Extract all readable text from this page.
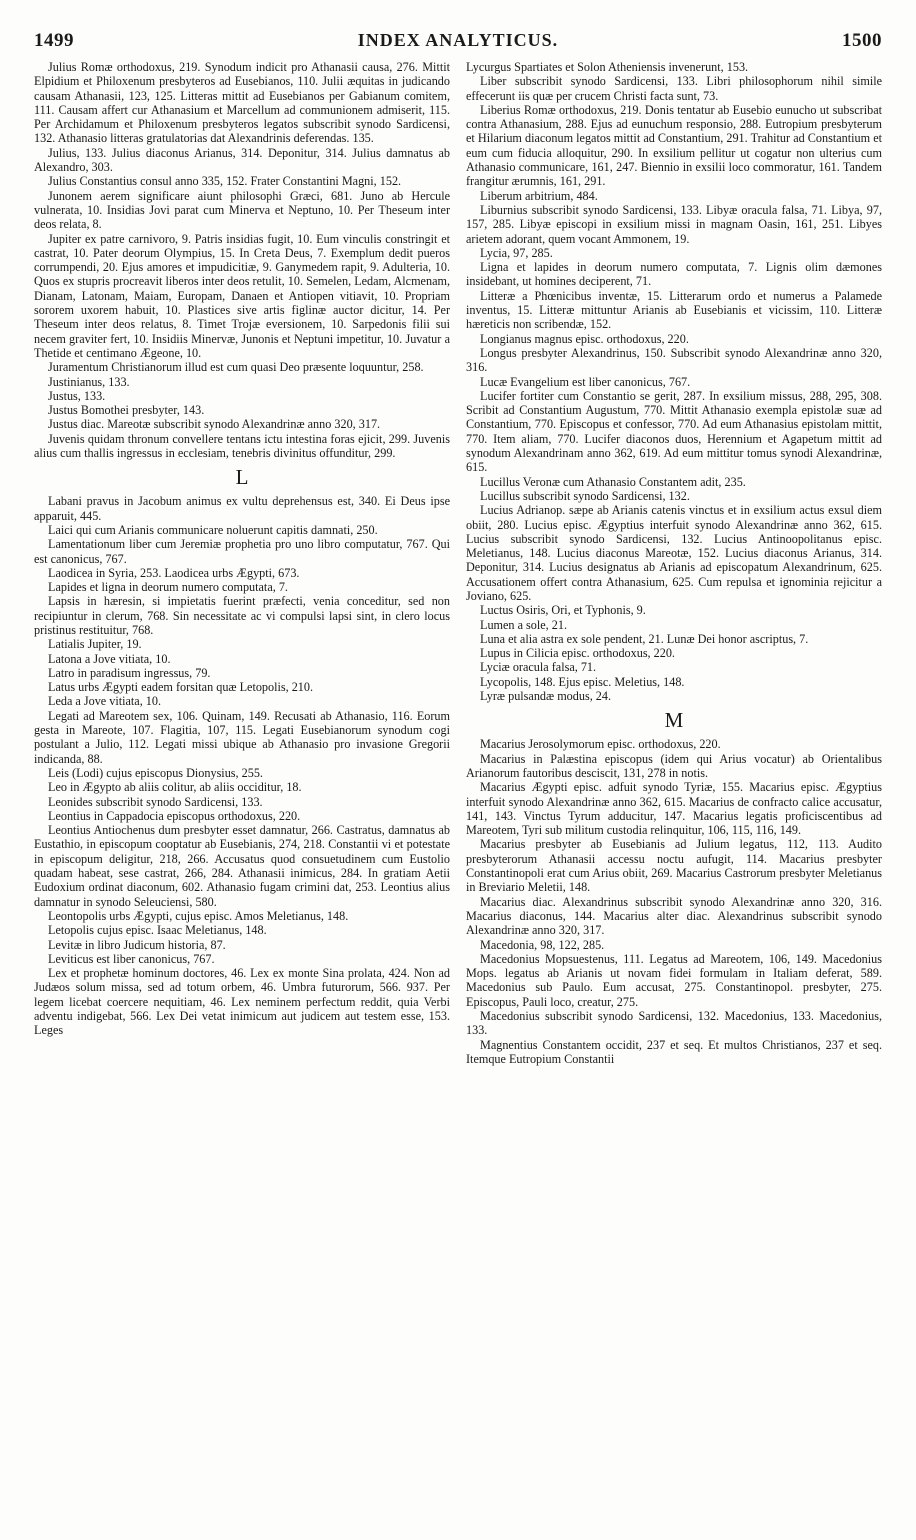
1499	INDEX ANALYTICUS.	1500

Julius Romæ orthodoxus, 219. Synodum indicit pro Athanasii causa, 276. Mittit Elpidium et Philoxenum presbyteros ad Eusebianos, 110. Julii æquitas in judicando causam Athanasii, 123, 125. Litteras mittit ad Eusebianos per Gabianum comitem, 111. Causam affert cur Athanasium et Marcellum ad communionem admiserit, 115. Per Archidamum et Philoxenum presbyteros legatos subscribit synodo Sardicensi, 132. Athanasio litteras gratulatorias dat Alexandrinis deferendas. 135.

Julius, 133. Julius diaconus Arianus, 314. Deponitur, 314. Julius damnatus ab Alexandro, 303.

Julius Constantius consul anno 335, 152. Frater Constantini Magni, 152.

Junonem aerem significare aiunt philosophi Græci, 681. Juno ab Hercule vulnerata, 10. Insidias Jovi parat cum Minerva et Neptuno, 10. Per Theseum inter deos relata, 8.

Jupiter ex patre carnivoro, 9. Patris insidias fugit, 10. Eum vinculis constringit et castrat, 10. Pater deorum Olympius, 15. In Creta Deus, 7. Exemplum dedit pueros corrumpendi, 20. Ejus amores et impudicitiæ, 9. Ganymedem rapit, 9. Adulteria, 10. Quos ex stupris procreavit liberos inter deos retulit, 10. Semelen, Ledam, Alcmenam, Dianam, Latonam, Maiam, Europam, Danaen et Antiopen vitiavit, 10. Propriam sororem uxorem habuit, 10. Plastices sive artis figlinæ auctor dicitur, 14. Per Theseum inter deos relatus, 8. Timet Trojæ eversionem, 10. Sarpedonis filii sui necem graviter fert, 10. Insidiis Minervæ, Junonis et Neptuni impetitur, 10. Juvatur a Thetide et centimano Ægeone, 10.

Juramentum Christianorum illud est cum quasi Deo præsente loquuntur, 258.

Justinianus, 133.

Justus, 133.

Justus Bomothei presbyter, 143.

Justus diac. Mareotæ subscribit synodo Alexandrinæ anno 320, 317.

Juvenis quidam thronum convellere tentans ictu intestina foras ejicit, 299. Juvenis alius cum thallis ingressus in ecclesiam, tenebris divinitus offunditur, 299.

L

Labani pravus in Jacobum animus ex vultu deprehensus est, 340. Ei Deus ipse apparuit, 445.

Laici qui cum Arianis communicare noluerunt capitis damnati, 250.

Lamentationum liber cum Jeremiæ prophetia pro uno libro computatur, 767. Qui est canonicus, 767.

Laodicea in Syria, 253. Laodicea urbs Ægypti, 673.

Lapides et ligna in deorum numero computata, 7.

Lapsis in hæresin, si impietatis fuerint præfecti, venia conceditur, sed non recipiuntur in clerum, 768. Sin necessitate ac vi compulsi lapsi sint, in clero locus pristinus restituitur, 768.

Latialis Jupiter, 19.

Latona a Jove vitiata, 10.

Latro in paradisum ingressus, 79.

Latus urbs Ægypti eadem forsitan quæ Letopolis, 210.

Leda a Jove vitiata, 10.

Legati ad Mareotem sex, 106. Quinam, 149. Recusati ab Athanasio, 116. Eorum gesta in Mareote, 107. Flagitia, 107, 115. Legati Eusebianorum synodum cogi postulant a Julio, 112. Legati missi ubique ab Athanasio pro invasione Gregorii indicanda, 88.

Leis (Lodi) cujus episcopus Dionysius, 255.

Leo in Ægypto ab aliis colitur, ab aliis occiditur, 18.

Leonides subscribit synodo Sardicensi, 133.

Leontius in Cappadocia episcopus orthodoxus, 220.

Leontius Antiochenus dum presbyter esset damnatur, 266. Castratus, damnatus ab Eustathio, in episcopum cooptatur ab Eusebianis, 274, 218. Constantii vi et potestate in episcopum deligitur, 218, 266. Accusatus quod consuetudinem cum Eustolio quadam habeat, sese castrat, 266, 284. Athanasii inimicus, 284. In gratiam Aetii Eudoxium ordinat diaconum, 602. Athanasio fugam crimini dat, 253. Leontius alius damnatur in synodo Seleuciensi, 580.

Leontopolis urbs Ægypti, cujus episc. Amos Meletianus, 148.

Letopolis cujus episc. Isaac Meletianus, 148.

Levitæ in libro Judicum historia, 87.

Leviticus est liber canonicus, 767.

Lex et prophetæ hominum doctores, 46. Lex ex monte Sina prolata, 424. Non ad Judæos solum missa, sed ad totum orbem, 46. Umbra futurorum, 566. 937. Per legem licebat coercere nequitiam, 46. Lex neminem perfectum reddit, quia Verbi adventu indigebat, 566. Lex Dei vetat inimicum aut judicem aut testem esse, 153. Leges

Lycurgus Spartiates et Solon Atheniensis invenerunt, 153.

Liber subscribit synodo Sardicensi, 133. Libri philosophorum nihil simile effecerunt iis quæ per crucem Christi facta sunt, 73.

Liberius Romæ orthodoxus, 219. Donis tentatur ab Eusebio eunucho ut subscribat contra Athanasium, 288. Ejus ad eunuchum responsio, 288. Eutropium presbyterum et Hilarium diaconum legatos mittit ad Constantium, 291. Trahitur ad Constantium et eum cum fiducia alloquitur, 290. In exsilium pellitur ut cogatur non ulterius cum Athanasio communicare, 161, 247. Biennio in exsilii loco commoratur, 161. Tandem frangitur ærumnis, 161, 291.

Liberum arbitrium, 484.

Liburnius subscribit synodo Sardicensi, 133. Libyæ oracula falsa, 71. Libya, 97, 157, 285. Libyæ episcopi in exsilium missi in magnam Oasin, 161, 251. Libyes arietem adorant, quem vocant Ammonem, 19.

Lycia, 97, 285.

Ligna et lapides in deorum numero computata, 7. Lignis olim dæmones insidebant, ut homines deciperent, 71.

Litteræ a Phœnicibus inventæ, 15. Litterarum ordo et numerus a Palamede inventus, 15. Litteræ mittuntur Arianis ab Eusebianis et vicissim, 110. Litteræ hæreticis non scribendæ, 152.

Longianus magnus episc. orthodoxus, 220.

Longus presbyter Alexandrinus, 150. Subscribit synodo Alexandrinæ anno 320, 316.

Lucæ Evangelium est liber canonicus, 767.

Lucifer fortiter cum Constantio se gerit, 287. In exsilium missus, 288, 295, 308. Scribit ad Constantium Augustum, 770. Mittit Athanasio exempla epistolæ suæ ad Constantium, 770. Episcopus et confessor, 770. Ad eum Athanasius epistolam mittit, 770. Item aliam, 770. Lucifer diaconos duos, Herennium et Agapetum mittit ad synodum Alexandrinam anno 362, 619. Ad eum mittitur tomus synodi Alexandrinæ, 615.

Lucillus Veronæ cum Athanasio Constantem adit, 235.

Lucillus subscribit synodo Sardicensi, 132.

Lucius Adrianop. sæpe ab Arianis catenis vinctus et in exsilium actus exsul diem obiit, 280. Lucius episc. Ægyptius interfuit synodo Alexandrinæ anno 362, 615. Lucius subscribit synodo Sardicensi, 132. Lucius Antinoopolitanus episc. Meletianus, 148. Lucius diaconus Mareotæ, 152. Lucius diaconus Arianus, 314. Deponitur, 314. Lucius designatus ab Arianis ad episcopatum Alexandrinum, 625. Accusationem offert contra Athanasium, 625. Cum repulsa et ignominia rejicitur a Joviano, 625.

Luctus Osiris, Ori, et Typhonis, 9.

Lumen a sole, 21.

Luna et alia astra ex sole pendent, 21. Lunæ Dei honor ascriptus, 7.

Lupus in Cilicia episc. orthodoxus, 220.

Lyciæ oracula falsa, 71.

Lycopolis, 148. Ejus episc. Meletius, 148.

Lyræ pulsandæ modus, 24.

M

Macarius Jerosolymorum episc. orthodoxus, 220.

Macarius in Palæstina episcopus (idem qui Arius vocatur) ab Orientalibus Arianorum fautoribus desciscit, 131, 278 in notis.

Macarius Ægypti episc. adfuit synodo Tyriæ, 155. Macarius episc. Ægyptius interfuit synodo Alexandrinæ anno 362, 615. Macarius de confracto calice accusatur, 141, 143. Vinctus Tyrum adducitur, 147. Macarius legatis proficiscentibus ad Mareotem, Tyri sub militum custodia relinquitur, 106, 115, 116, 149.

Macarius presbyter ab Eusebianis ad Julium legatus, 112, 113. Audito presbyterorum Athanasii accessu noctu aufugit, 114. Macarius presbyter Constantinopoli erat cum Arius obiit, 269. Macarius Castrorum presbyter Meletianus in Breviario Meletii, 148.

Macarius diac. Alexandrinus subscribit synodo Alexandrinæ anno 320, 316. Macarius diaconus, 144. Macarius alter diac. Alexandrinus subscribit synodo Alexandrinæ anno 320, 317.

Macedonia, 98, 122, 285.

Macedonius Mopsuestenus, 111. Legatus ad Mareotem, 106, 149. Macedonius Mops. legatus ab Arianis ut novam fidei formulam in Italiam deferat, 589. Macedonius sub Paulo. Eum accusat, 275. Constantinopol. presbyter, 275. Episcopus, Pauli loco, creatur, 275.

Macedonius subscribit synodo Sardicensi, 132. Macedonius, 133. Macedonius, 133.

Magnentius Constantem occidit, 237 et seq. Et multos Christianos, 237 et seq. Itemque Eutropium Constantii
